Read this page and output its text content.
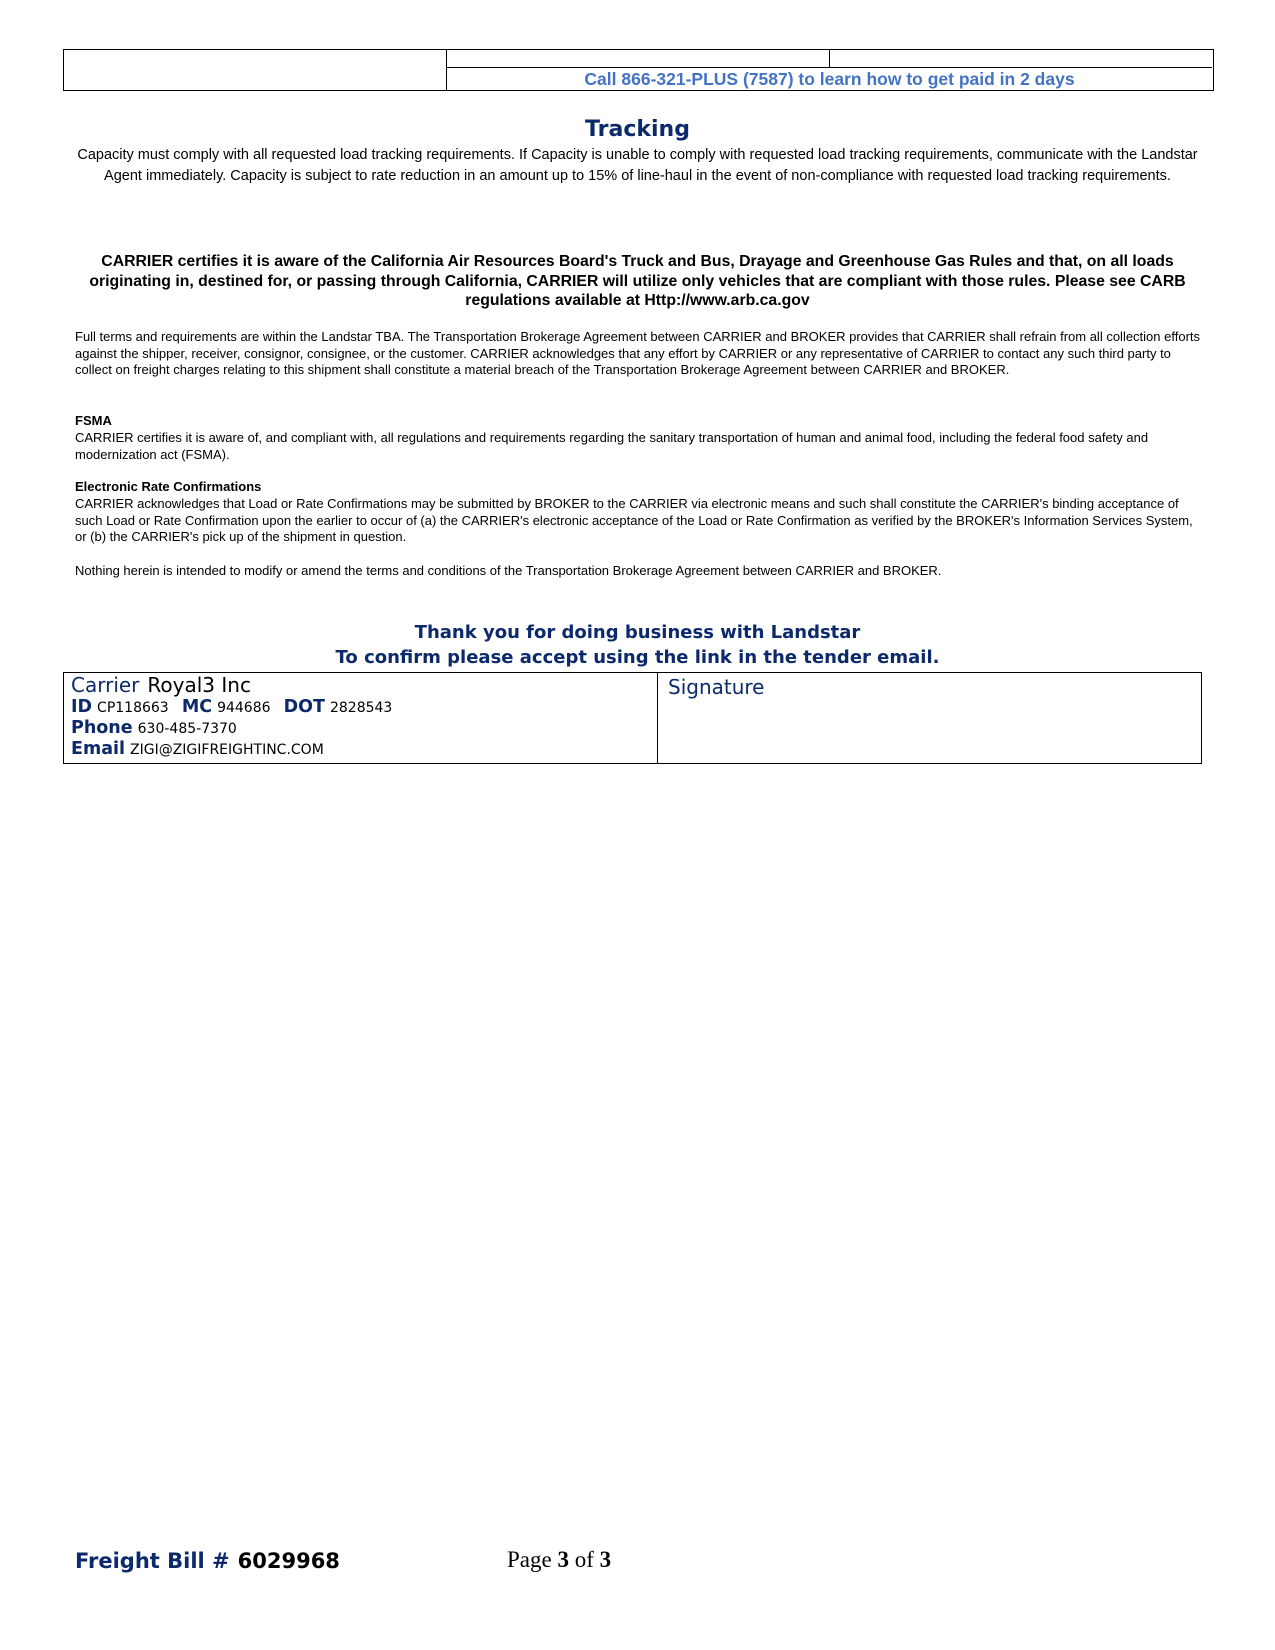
Call 866-321-PLUS (7587) to learn how to get paid in 2 days
Tracking
Capacity must comply with all requested load tracking requirements. If Capacity is unable to comply with requested load tracking requirements, communicate with the Landstar Agent immediately. Capacity is subject to rate reduction in an amount up to 15% of line-haul in the event of non-compliance with requested load tracking requirements.
CARRIER certifies it is aware of the California Air Resources Board's Truck and Bus, Drayage and Greenhouse Gas Rules and that, on all loads originating in, destined for, or passing through California, CARRIER will utilize only vehicles that are compliant with those rules. Please see CARB regulations available at Http://www.arb.ca.gov
Full terms and requirements are within the Landstar TBA. The Transportation Brokerage Agreement between CARRIER and BROKER provides that CARRIER shall refrain from all collection efforts against the shipper, receiver, consignor, consignee, or the customer. CARRIER acknowledges that any effort by CARRIER or any representative of CARRIER to contact any such third party to collect on freight charges relating to this shipment shall constitute a material breach of the Transportation Brokerage Agreement between CARRIER and BROKER.
FSMA
CARRIER certifies it is aware of, and compliant with, all regulations and requirements regarding the sanitary transportation of human and animal food, including the federal food safety and modernization act (FSMA).
Electronic Rate Confirmations
CARRIER acknowledges that Load or Rate Confirmations may be submitted by BROKER to the CARRIER via electronic means and such shall constitute the CARRIER's binding acceptance of such Load or Rate Confirmation upon the earlier to occur of (a) the CARRIER's electronic acceptance of the Load or Rate Confirmation as verified by the BROKER's Information Services System, or (b) the CARRIER's pick up of the shipment in question.
Nothing herein is intended to modify or amend the terms and conditions of the Transportation Brokerage Agreement between CARRIER and BROKER.
Thank you for doing business with Landstar
To confirm please accept using the link in the tender email.
Carrier Royal3 Inc
ID CP118663 MC 944686 DOT 2828543
Phone 630-485-7370
Email ZIGI@ZIGIFREIGHTINC.COM
Signature
Freight Bill # 6029968	Page 3 of 3
